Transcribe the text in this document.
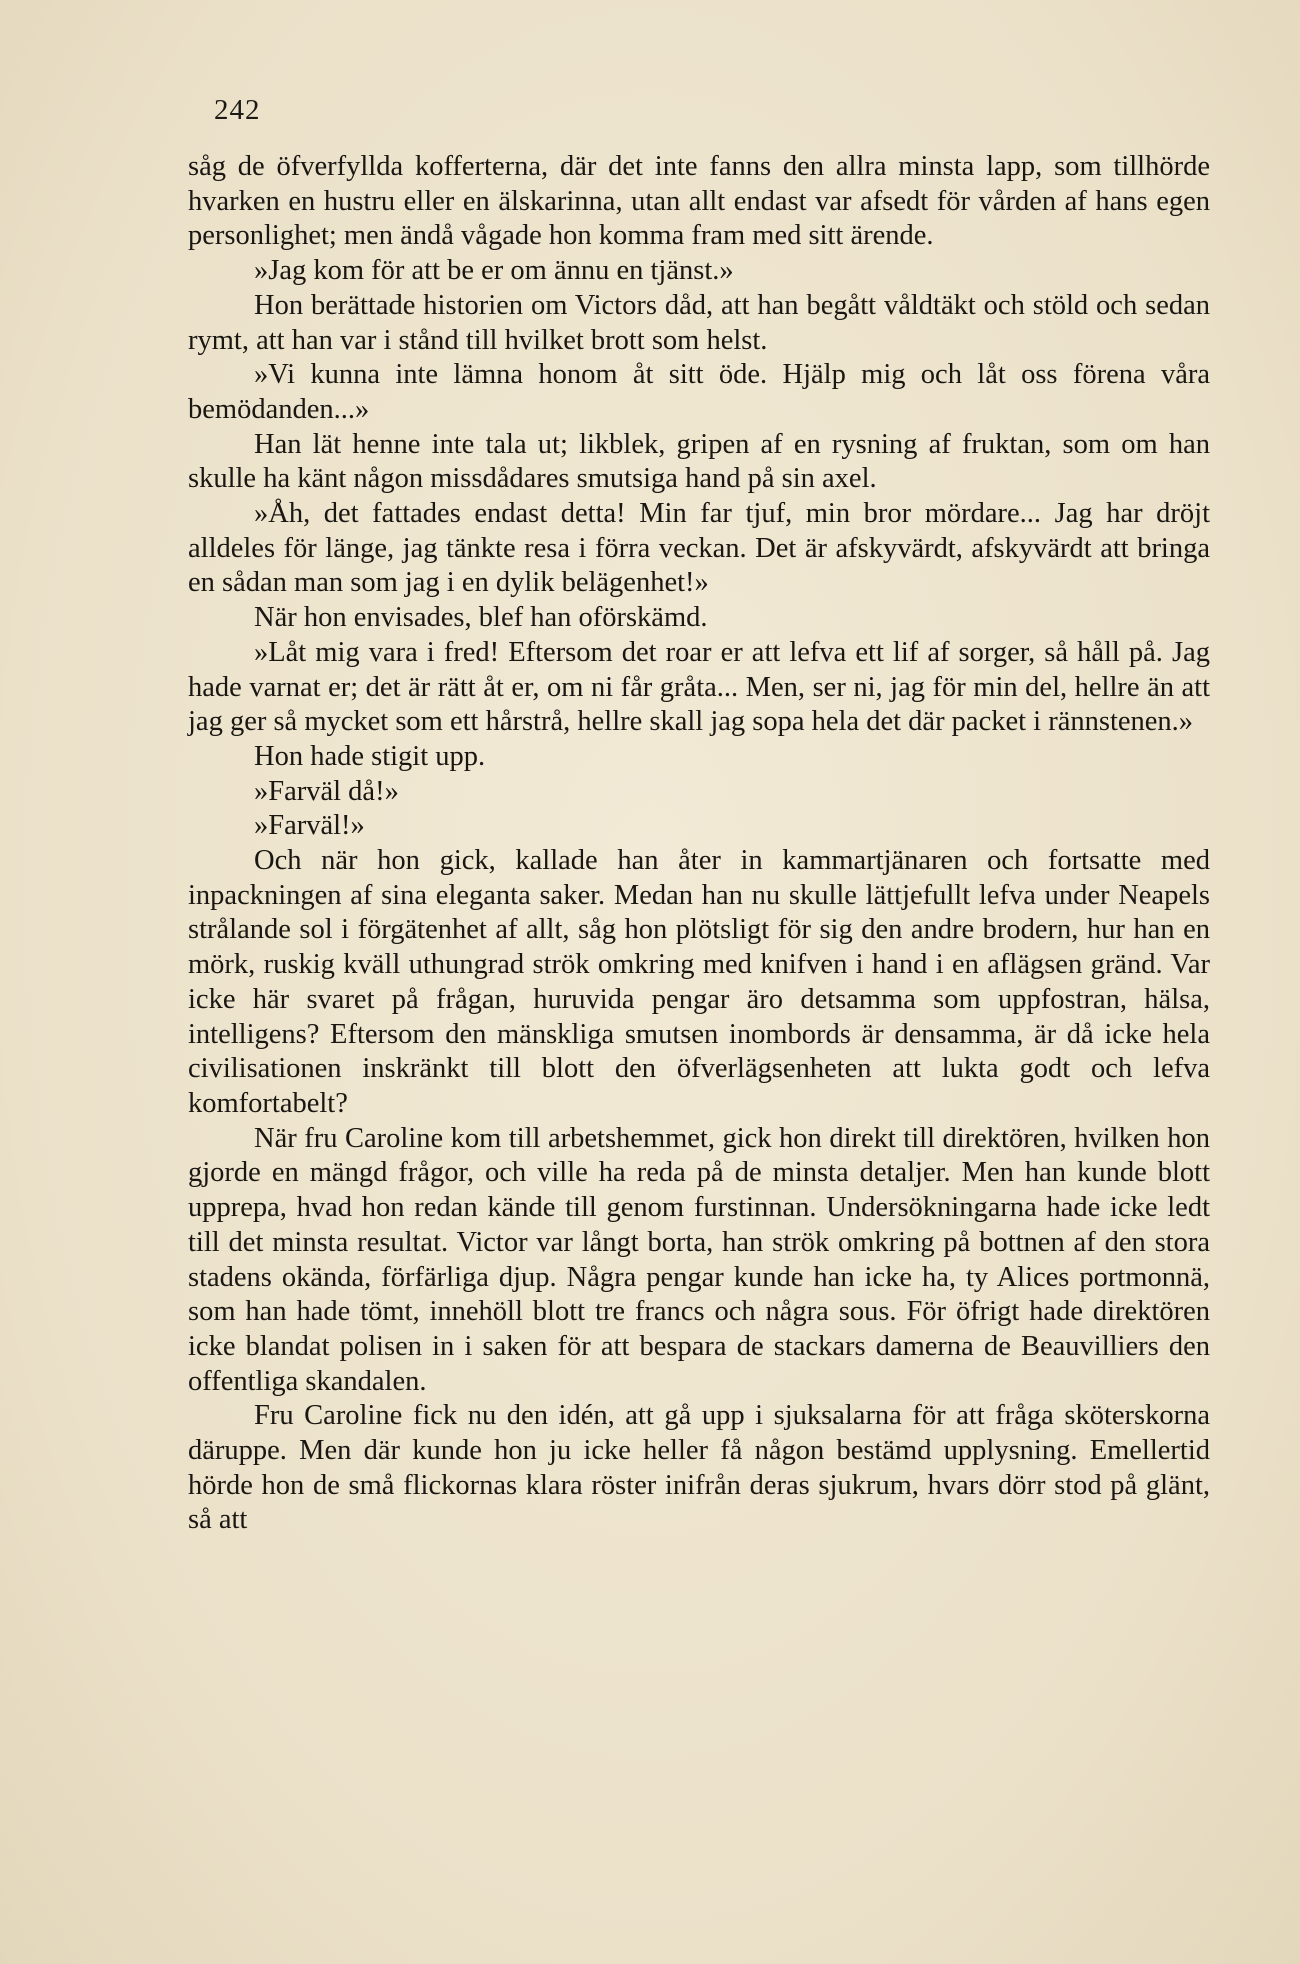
242

såg de öfverfyllda kofferterna, där det inte fanns den allra minsta lapp, som tillhörde hvarken en hustru eller en älskarinna, utan allt endast var afsedt för vården af hans egen personlighet; men ändå vågade hon komma fram med sitt ärende.

»Jag kom för att be er om ännu en tjänst.»

Hon berättade historien om Victors dåd, att han begått våldtäkt och stöld och sedan rymt, att han var i stånd till hvilket brott som helst.

»Vi kunna inte lämna honom åt sitt öde. Hjälp mig och låt oss förena våra bemödanden...»

Han lät henne inte tala ut; likblek, gripen af en rysning af fruktan, som om han skulle ha känt någon missdådares smutsiga hand på sin axel.

»Åh, det fattades endast detta! Min far tjuf, min bror mördare... Jag har dröjt alldeles för länge, jag tänkte resa i förra veckan. Det är afskyvärdt, afskyvärdt att bringa en sådan man som jag i en dylik belägenhet!»

När hon envisades, blef han oförskämd.

»Låt mig vara i fred! Eftersom det roar er att lefva ett lif af sorger, så håll på. Jag hade varnat er; det är rätt åt er, om ni får gråta... Men, ser ni, jag för min del, hellre än att jag ger så mycket som ett hårstrå, hellre skall jag sopa hela det där packet i rännstenen.»

Hon hade stigit upp.

»Farväl då!»

»Farväl!»

Och när hon gick, kallade han åter in kammartjänaren och fortsatte med inpackningen af sina eleganta saker. Medan han nu skulle lättjefullt lefva under Neapels strålande sol i förgätenhet af allt, såg hon plötsligt för sig den andre brodern, hur han en mörk, ruskig kväll uthungrad strök omkring med knifven i hand i en aflägsen gränd. Var icke här svaret på frågan, huruvida pengar äro detsamma som uppfostran, hälsa, intelligens? Eftersom den mänskliga smutsen inombords är densamma, är då icke hela civilisationen inskränkt till blott den öfverlägsenheten att lukta godt och lefva komfortabelt?

När fru Caroline kom till arbetshemmet, gick hon direkt till direktören, hvilken hon gjorde en mängd frågor, och ville ha reda på de minsta detaljer. Men han kunde blott upprepa, hvad hon redan kände till genom furstinnan. Undersökningarna hade icke ledt till det minsta resultat. Victor var långt borta, han strök omkring på bottnen af den stora stadens okända, förfärliga djup. Några pengar kunde han icke ha, ty Alices portmonnä, som han hade tömt, innehöll blott tre francs och några sous. För öfrigt hade direktören icke blandat polisen in i saken för att bespara de stackars damerna de Beauvilliers den offentliga skandalen.

Fru Caroline fick nu den idén, att gå upp i sjuksalarna för att fråga sköterskorna däruppe. Men där kunde hon ju icke heller få någon bestämd upplysning. Emellertid hörde hon de små flickornas klara röster inifrån deras sjukrum, hvars dörr stod på glänt, så att
